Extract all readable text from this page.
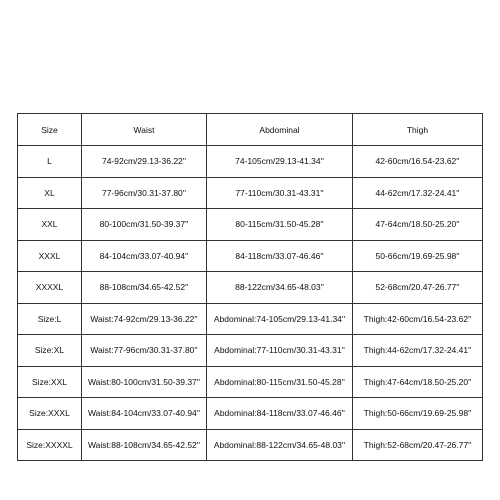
Size	Waist	Abdominal	Thigh
L	74-92cm/29.13-36.22''	74-105cm/29.13-41.34''	42-60cm/16.54-23.62''
XL	77-96cm/30.31-37.80''	77-110cm/30.31-43.31''	44-62cm/17.32-24.41''
XXL	80-100cm/31.50-39.37''	80-115cm/31.50-45.28''	47-64cm/18.50-25.20''
XXXL	84-104cm/33.07-40.94''	84-118cm/33.07-46.46''	50-66cm/19.69-25.98''
XXXXL	88-108cm/34.65-42.52''	88-122cm/34.65-48.03''	52-68cm/20.47-26.77''
Size:L	Waist:74-92cm/29.13-36.22''	Abdominal:74-105cm/29.13-41.34''	Thigh:42-60cm/16.54-23.62''
Size:XL	Waist:77-96cm/30.31-37.80''	Abdominal:77-110cm/30.31-43.31''	Thigh:44-62cm/17.32-24.41''
Size:XXL	Waist:80-100cm/31.50-39.37''	Abdominal:80-115cm/31.50-45.28''	Thigh:47-64cm/18.50-25.20''
Size:XXXL	Waist:84-104cm/33.07-40.94''	Abdominal:84-118cm/33.07-46.46''	Thigh:50-66cm/19.69-25.98''
Size:XXXXL	Waist:88-108cm/34.65-42.52''	Abdominal:88-122cm/34.65-48.03''	Thigh:52-68cm/20.47-26.77''
